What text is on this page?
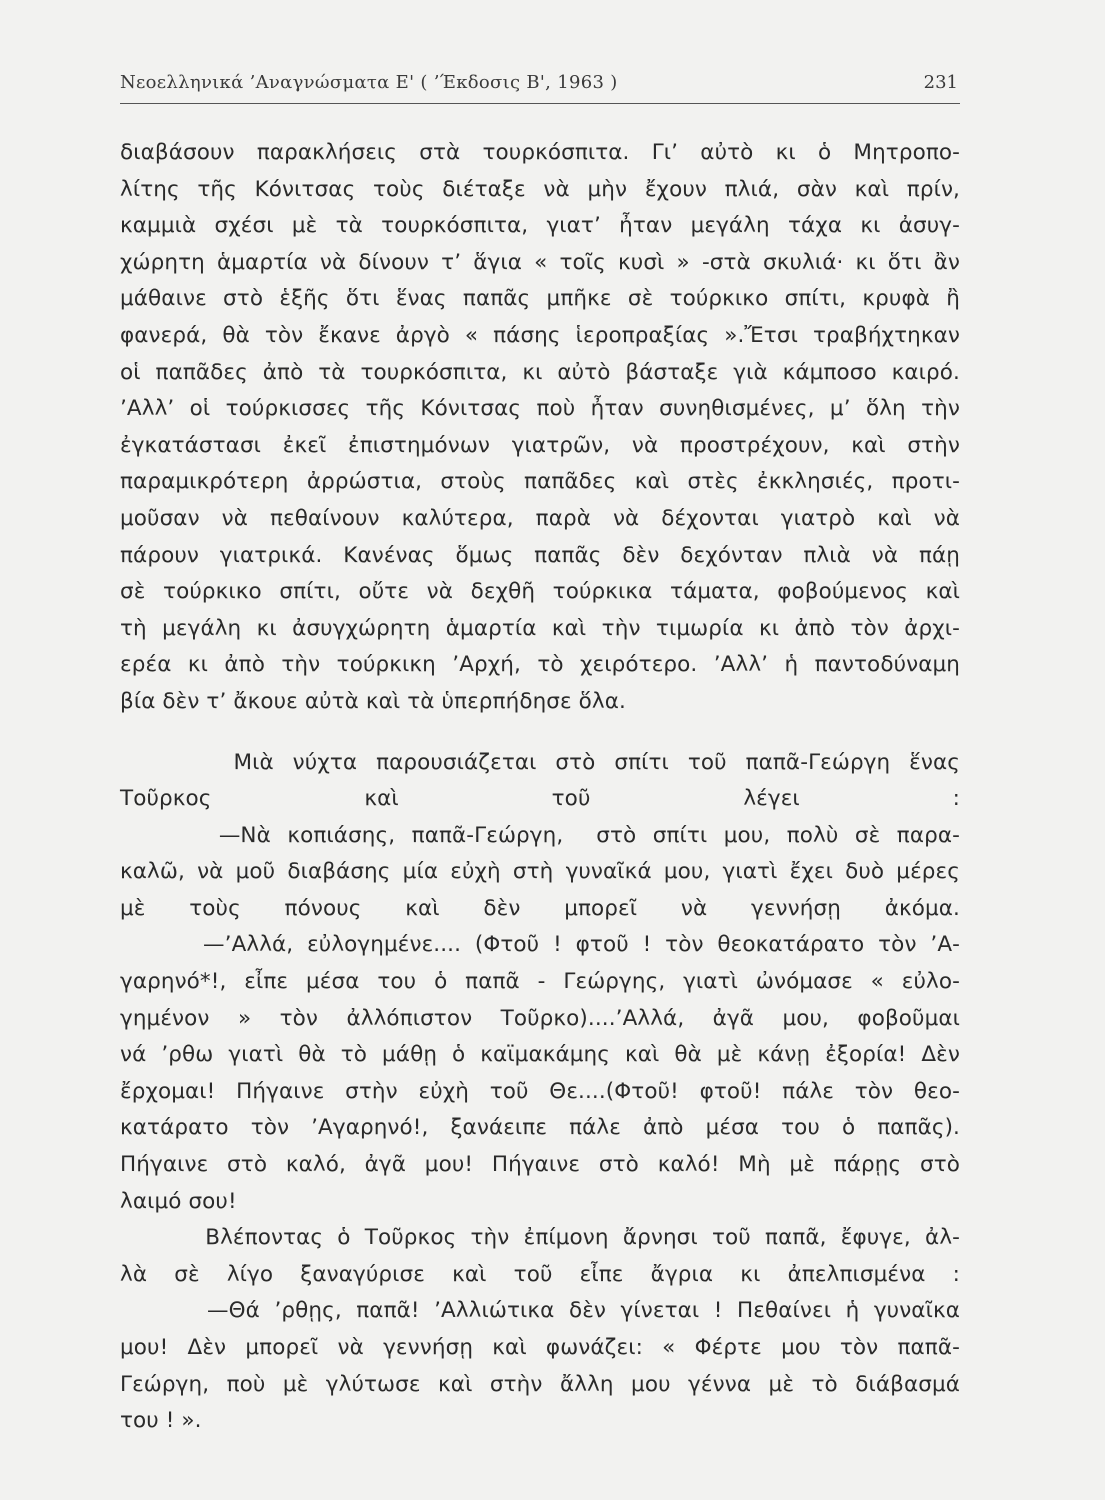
Νεοελληνικά ’Αναγνώσματα Ε' ( ’Έκδοσις Β', 1963 )	231

διαβάσουν παρακλήσεις στὰ τουρκόσπιτα. Γι’ αὐτὸ κι ὁ Μητροπο-
λίτης τῆς Κόνιτσας τοὺς διέταξε νὰ μὴν ἔχουν πλιά, σὰν καὶ πρίν,
καμμιὰ σχέσι μὲ τὰ τουρκόσπιτα, γιατ’ ἦταν μεγάλη τάχα κι ἀσυγ-
χώρητη ἁμαρτία νὰ δίνουν τ’ ἅγια « τοῖς κυσὶ » -στὰ σκυλιά· κι ὅτι ἂν
μάθαινε στὸ ἑξῆς ὅτι ἕνας παπᾶς μπῆκε σὲ τούρκικο σπίτι, κρυφὰ ἢ
φανερά, θὰ τὸν ἔκανε ἀργὸ « πάσης ἱεροπραξίας ».Ἔτσι τραβήχτηκαν
οἱ παπᾶδες ἀπὸ τὰ τουρκόσπιτα, κι αὐτὸ βάσταξε γιὰ κάμποσο καιρό.
’Αλλ’ οἱ τούρκισσες τῆς Κόνιτσας ποὺ ἦταν συνηθισμένες, μ’ ὅλη τὴν
ἐγκατάστασι ἐκεῖ ἐπιστημόνων γιατρῶν, νὰ προστρέχουν, καὶ στὴν
παραμικρότερη ἀρρώστια, στοὺς παπᾶδες καὶ στὲς ἐκκλησιές, προτι-
μοῦσαν νὰ πεθαίνουν καλύτερα, παρὰ νὰ δέχονται γιατρὸ καὶ νὰ
πάρουν γιατρικά. Κανένας ὅμως παπᾶς δὲν δεχόνταν πλιὰ νὰ πάῃ
σὲ τούρκικο σπίτι, οὔτε νὰ δεχθῆ τούρκικα τάματα, φοβούμενος καὶ
τὴ μεγάλη κι ἀσυγχώρητη ἁμαρτία καὶ τὴν τιμωρία κι ἀπὸ τὸν ἀρχι-
ερέα κι ἀπὸ τὴν τούρκικη ’Αρχή, τὸ χειρότερο. ’Αλλ’ ἡ παντοδύναμη
βία δὲν τ’ ἄκουε αὐτὰ καὶ τὰ ὑπερπήδησε ὅλα.

Μιὰ νύχτα παρουσιάζεται στὸ σπίτι τοῦ παπᾶ-Γεώργη ἕνας
Τοῦρκος καὶ τοῦ λέγει :
—Νὰ κοπιάσης, παπᾶ-Γεώργη,  στὸ σπίτι μου, πολὺ σὲ παρα-
καλῶ, νὰ μοῦ διαβάσης μία εὐχὴ στὴ γυναῖκά μου, γιατὶ ἔχει δυὸ μέρες
μὲ τοὺς πόνους καὶ δὲν μπορεῖ νὰ γεννήσῃ ἀκόμα.
—’Αλλά, εὐλογημένε.... (Φτοῦ ! φτοῦ ! τὸν θεοκατάρατο τὸν ’Α-
γαρηνό*!, εἶπε μέσα του ὁ παπᾶ - Γεώργης, γιατὶ ὠνόμασε « εὐλο-
γημένον » τὸν ἀλλόπιστον Τοῦρκο)....’Αλλά, ἀγᾶ μου, φοβοῦμαι
νά ’ρθω γιατὶ θὰ τὸ μάθῃ ὁ καϊμακάμης καὶ θὰ μὲ κάνῃ ἐξορία! Δὲν
ἔρχομαι! Πήγαινε στὴν εὐχὴ τοῦ Θε....(Φτοῦ! φτοῦ! πάλε τὸν θεο-
κατάρατο τὸν ’Αγαρηνό!, ξανάειπε πάλε ἀπὸ μέσα του ὁ παπᾶς).
Πήγαινε στὸ καλό, ἀγᾶ μου! Πήγαινε στὸ καλό! Μὴ μὲ πάρῃς στὸ
λαιμό σου!

Βλέποντας ὁ Τοῦρκος τὴν ἐπίμονη ἄρνησι τοῦ παπᾶ, ἔφυγε, ἀλ-
λὰ σὲ λίγο ξαναγύρισε καὶ τοῦ εἶπε ἄγρια κι ἀπελπισμένα :
—Θά ’ρθῃς, παπᾶ! ’Αλλιώτικα δὲν γίνεται ! Πεθαίνει ἡ γυναῖκα
μου! Δὲν μπορεῖ νὰ γεννήσῃ καὶ φωνάζει: « Φέρτε μου τὸν παπᾶ-
Γεώργη, ποὺ μὲ γλύτωσε καὶ στὴν ἄλλη μου γέννα μὲ τὸ διάβασμά
του ! ».
